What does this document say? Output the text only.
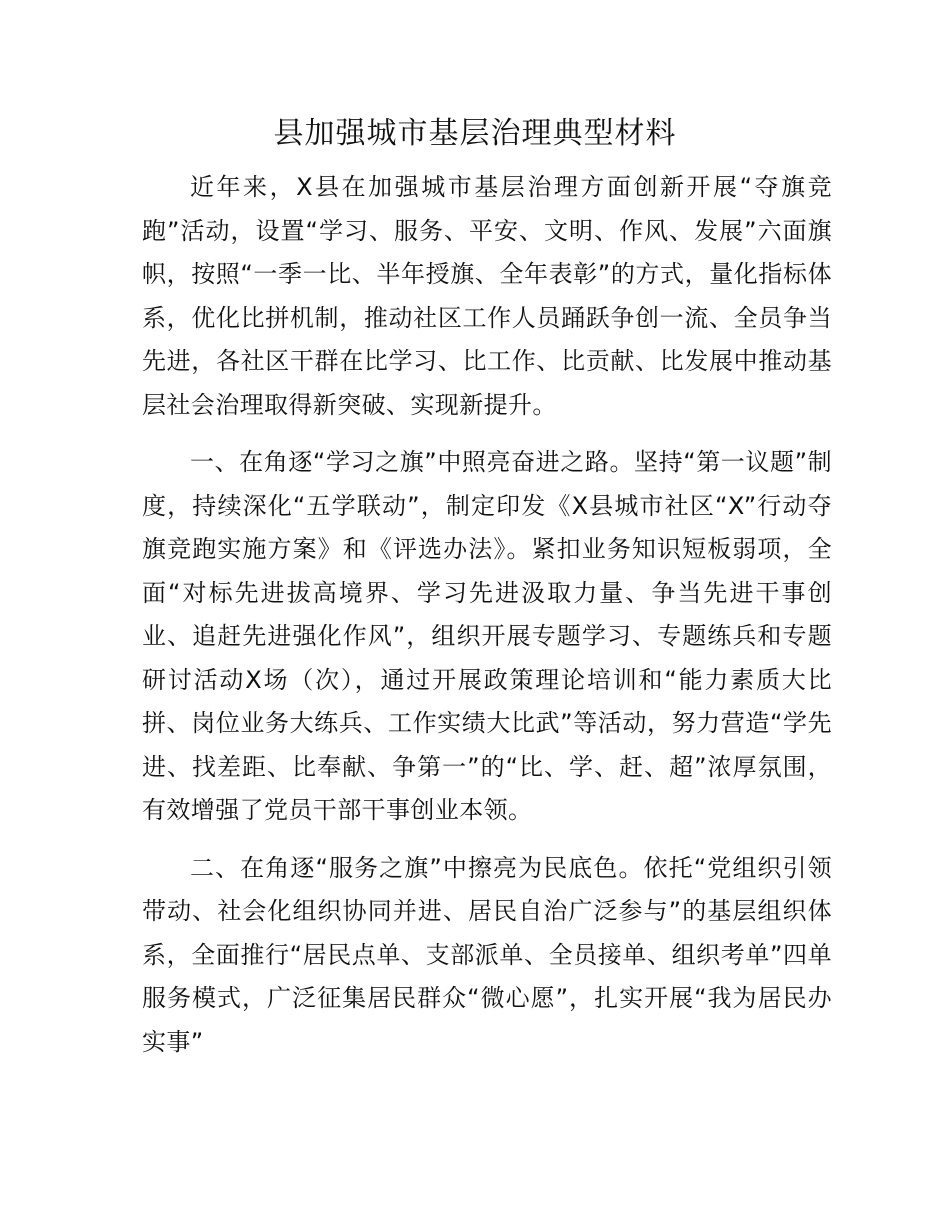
县加强城市基层治理典型材料

近年来，X县在加强城市基层治理方面创新开展“夺旗竞跑”活动，设置“学习、服务、平安、文明、作风、发展”六面旗帜，按照“一季一比、半年授旗、全年表彰”的方式，量化指标体系，优化比拼机制，推动社区工作人员踊跃争创一流、全员争当先进，各社区干群在比学习、比工作、比贡献、比发展中推动基层社会治理取得新突破、实现新提升。

一、在角逐“学习之旗”中照亮奋进之路。坚持“第一议题”制度，持续深化“五学联动”，制定印发《X县城市社区“X”行动夺旗竞跑实施方案》和《评选办法》。紧扣业务知识短板弱项，全面“对标先进拔高境界、学习先进汲取力量、争当先进干事创业、追赶先进强化作风”，组织开展专题学习、专题练兵和专题研讨活动X场（次），通过开展政策理论培训和“能力素质大比拼、岗位业务大练兵、工作实绩大比武”等活动，努力营造“学先进、找差距、比奉献、争第一”的“比、学、赶、超”浓厚氛围，有效增强了党员干部干事创业本领。

二、在角逐“服务之旗”中擦亮为民底色。依托“党组织引领带动、社会化组织协同并进、居民自治广泛参与”的基层组织体系，全面推行“居民点单、支部派单、全员接单、组织考单”四单服务模式，广泛征集居民群众“微心愿”，扎实开展“我为居民办实事”
